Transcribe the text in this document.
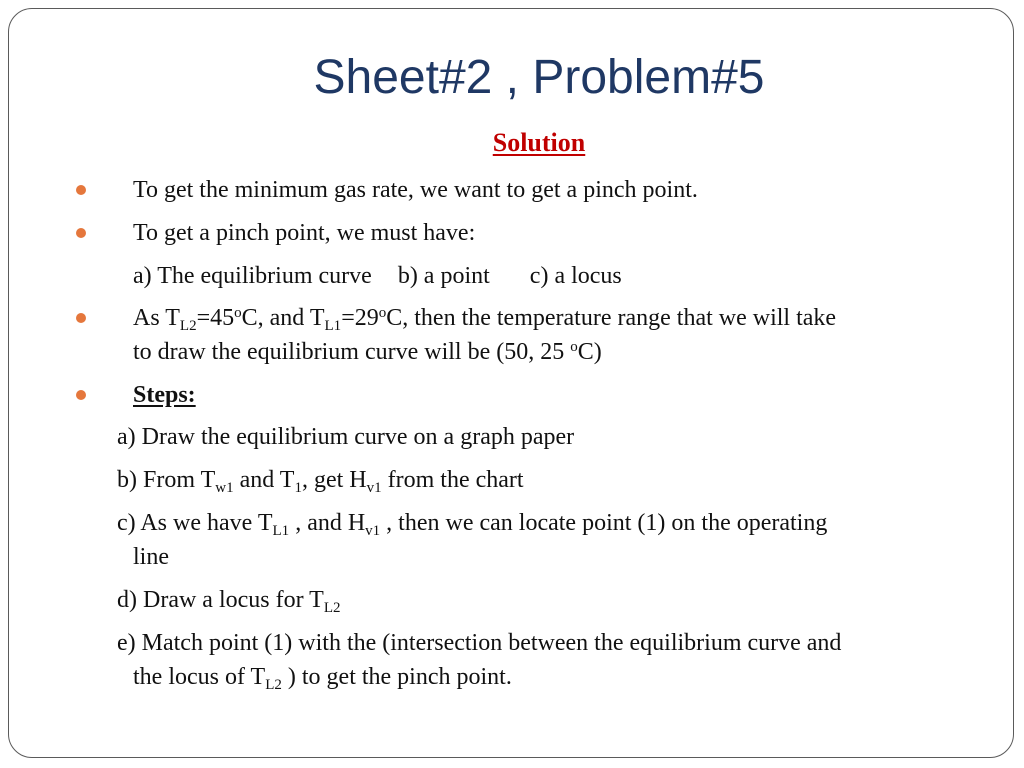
Sheet#2 , Problem#5
Solution
To get the minimum gas rate, we want to get a pinch point.
To get a pinch point, we must have:
a) The equilibrium curve b) a point c) a locus
As $T_{L2}=45^oC$, and $T_{L1}=29^oC$, then the temperature range that we will take
to draw the equilibrium curve will be (50, 25 $^o$C)
Steps:
a) Draw the equilibrium curve on a graph paper
b) From $T_{w1}$ and $T_1$, get $H_{v1}$ from the chart
c) As we have $T_{L1}$ , and $H_{v1}$ , then we can locate point (1) on the operating
line
d) Draw a locus for $T_{L2}$
e) Match point (1) with the (intersection between the equilibrium curve and
the locus of $T_{L2}$ ) to get the pinch point.
